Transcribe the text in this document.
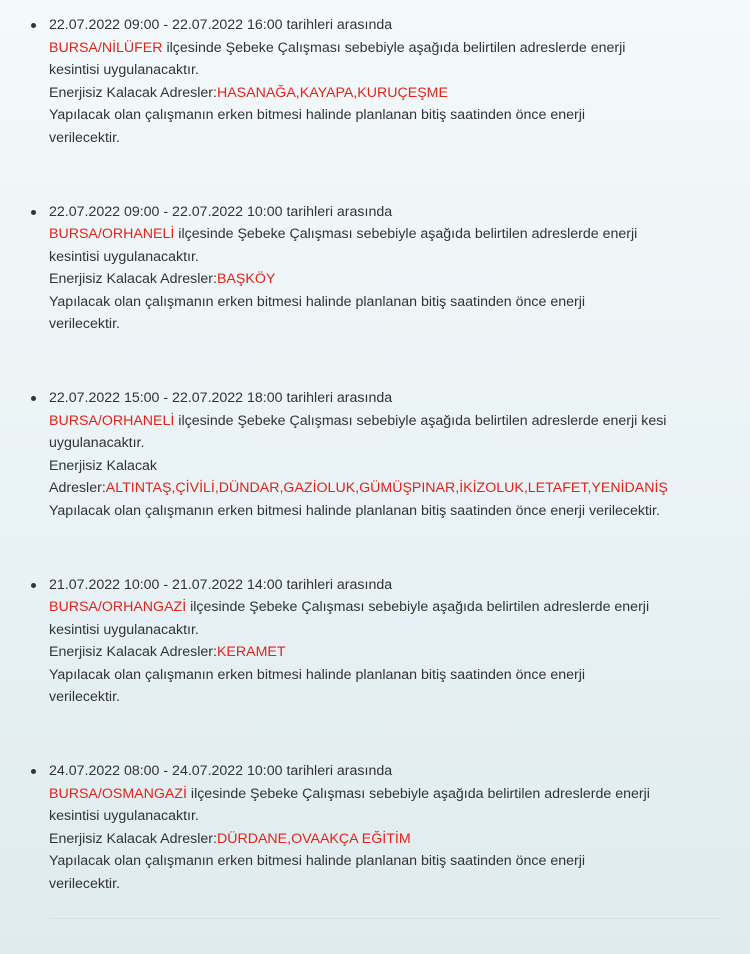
22.07.2022 09:00 - 22.07.2022 16:00 tarihleri arasında
BURSA/NİLÜFER ilçesinde Şebeke Çalışması sebebiyle aşağıda belirtilen adreslerde enerji
kesintisi uygulanacaktır.
Enerjisiz Kalacak Adresler:HASANAĞA,KAYAPA,KURUÇEŞME
Yapılacak olan çalışmanın erken bitmesi halinde planlanan bitiş saatinden önce enerji
verilecektir.
22.07.2022 09:00 - 22.07.2022 10:00 tarihleri arasında
BURSA/ORHANELİ ilçesinde Şebeke Çalışması sebebiyle aşağıda belirtilen adreslerde enerji
kesintisi uygulanacaktır.
Enerjisiz Kalacak Adresler:BAŞKÖY
Yapılacak olan çalışmanın erken bitmesi halinde planlanan bitiş saatinden önce enerji
verilecektir.
22.07.2022 15:00 - 22.07.2022 18:00 tarihleri arasında
BURSA/ORHANELİ ilçesinde Şebeke Çalışması sebebiyle aşağıda belirtilen adreslerde enerji kesi
uygulanacaktır.
Enerjisiz Kalacak
Adresler:ALTINTAŞ,ÇİVİLİ,DÜNDAR,GAZİOLUK,GÜMÜŞPINAR,İKİZOLUK,LETAFET,YENİDANİŞ
Yapılacak olan çalışmanın erken bitmesi halinde planlanan bitiş saatinden önce enerji verilecektir.
21.07.2022 10:00 - 21.07.2022 14:00 tarihleri arasında
BURSA/ORHANGAZİ ilçesinde Şebeke Çalışması sebebiyle aşağıda belirtilen adreslerde enerji
kesintisi uygulanacaktır.
Enerjisiz Kalacak Adresler:KERAMET
Yapılacak olan çalışmanın erken bitmesi halinde planlanan bitiş saatinden önce enerji
verilecektir.
24.07.2022 08:00 - 24.07.2022 10:00 tarihleri arasında
BURSA/OSMANGAZİ ilçesinde Şebeke Çalışması sebebiyle aşağıda belirtilen adreslerde enerji
kesintisi uygulanacaktır.
Enerjisiz Kalacak Adresler:DÜRDANE,OVAAKÇA EĞİTİM
Yapılacak olan çalışmanın erken bitmesi halinde planlanan bitiş saatinden önce enerji
verilecektir.
